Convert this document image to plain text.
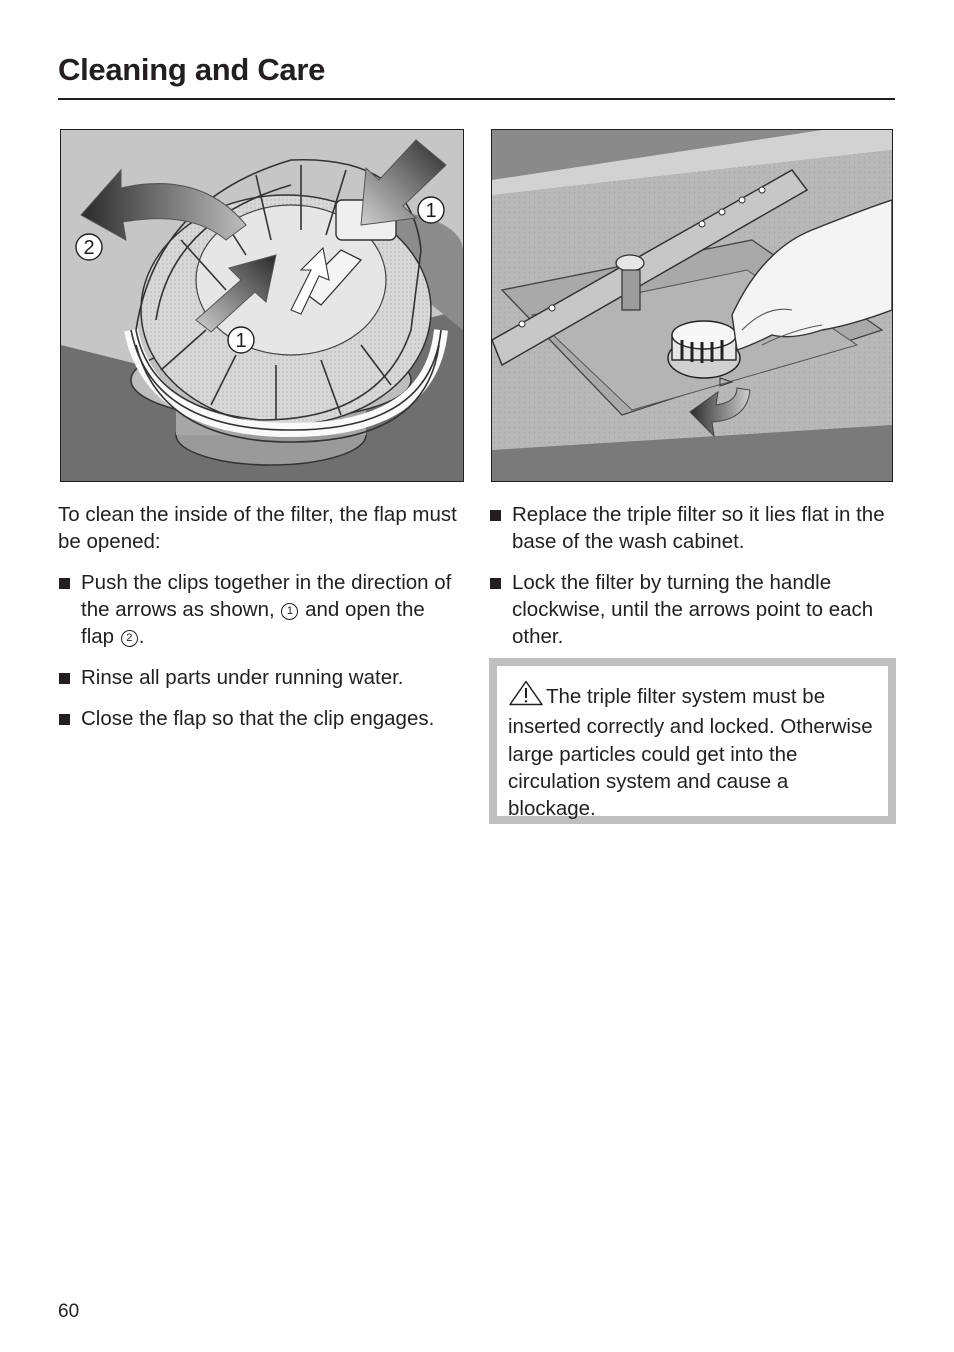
Cleaning and Care
1
2
1

To clean the inside of the filter, the flap must be opened:

Push the clips together in the direction of the arrows as shown, 1 and open the flap 2 .
Rinse all parts under running water.
Close the flap so that the clip engages.
Replace the triple filter so it lies flat in the base of the wash cabinet.
Lock the filter by turning the handle clockwise, until the arrows point to each other.
The triple filter system must be inserted correctly and locked. Otherwise large particles could get into the circulation system and cause a blockage.
60
